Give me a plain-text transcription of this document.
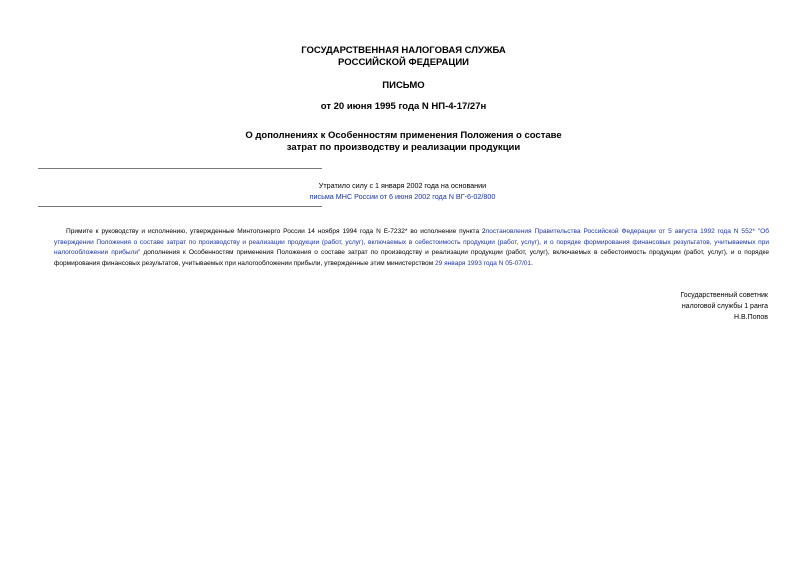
ГОСУДАРСТВЕННАЯ НАЛОГОВАЯ СЛУЖБА
РОССИЙСКОЙ ФЕДЕРАЦИИ
ПИСЬМО
от 20 июня 1995 года N НП-4-17/27н
О дополнениях к Особенностям применения Положения о составе
затрат по производству и реализации продукции
Утратило силу с 1 января 2002 года на основании
письма МНС России от 6 июня 2002 года N ВГ-6-02/800
Примите к руководству и исполнению, утвержденные Минтопэнерго России 14 ноября 1994 года N Е-7232* во исполнение пункта 2постановления Правительства Российской Федерации от 5 августа 1992 года N 552* "Об утверждении Положения о составе затрат по производству и реализации продукции (работ, услуг), включаемых в себестоимость продукции (работ, услуг), и о порядке формирования финансовых результатов, учитываемых при налогообложении прибыли" дополнения к Особенностям применения Положения о составе затрат по производству и реализации продукции (работ, услуг), включаемых в себестоимость продукции (работ, услуг), и о порядке формирования финансовых результатов, учитываемых при налогообложении прибыли, утвержденные этим министерством 29 января 1993 года N 05-07/01.
Государственный советник
налоговой службы 1 ранга
Н.В.Попов
